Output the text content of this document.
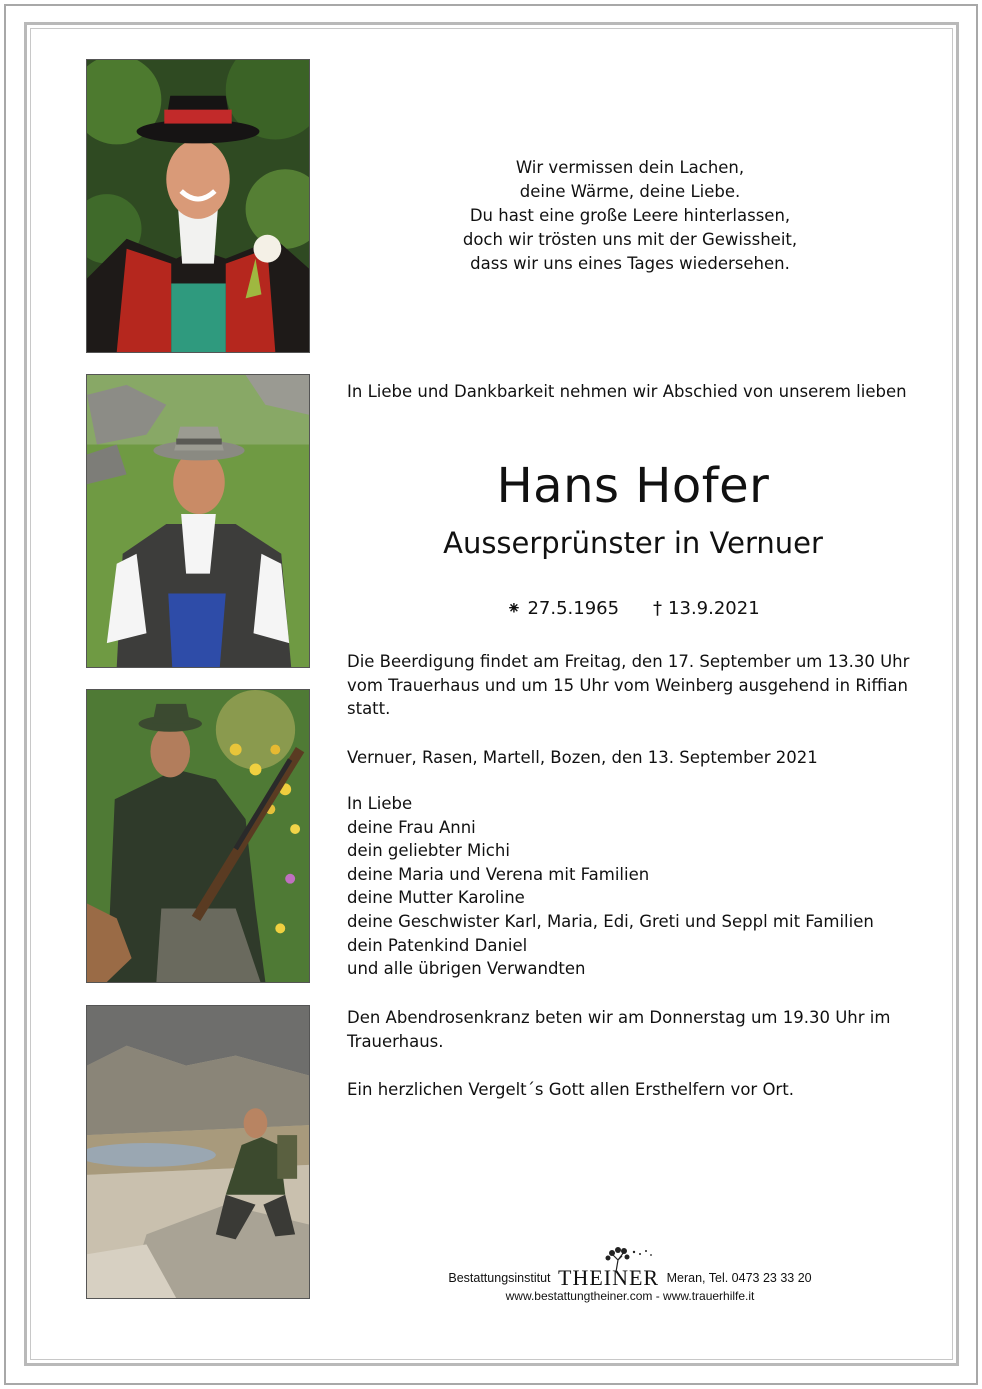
Wir vermissen dein Lachen,
deine Wärme, deine Liebe.
Du hast eine große Leere hinterlassen,
doch wir trösten uns mit der Gewissheit,
dass wir uns eines Tages wiedersehen.
In Liebe und Dankbarkeit nehmen wir Abschied von unserem lieben
Hans Hofer
Ausserprünster in Vernuer
⁕ 27.5.1965 † 13.9.2021
Die Beerdigung findet am Freitag, den 17. September um 13.30 Uhr vom Trauerhaus und um 15 Uhr vom Weinberg ausgehend in Riffian statt.
Vernuer, Rasen, Martell, Bozen, den 13. September 2021
In Liebe
deine Frau Anni
dein geliebter Michi
deine Maria und Verena mit Familien
deine Mutter Karoline
deine Geschwister Karl, Maria, Edi, Greti und Seppl mit Familien
dein Patenkind Daniel
und alle übrigen Verwandten
Den Abendrosenkranz beten wir am Donnerstag um 19.30 Uhr im Trauerhaus.
Ein herzlichen Vergelt´s Gott allen Ersthelfern vor Ort.
Bestattungsinstitut THEINER Meran, Tel. 0473 23 33 20
www.bestattungtheiner.com - www.trauerhilfe.it
